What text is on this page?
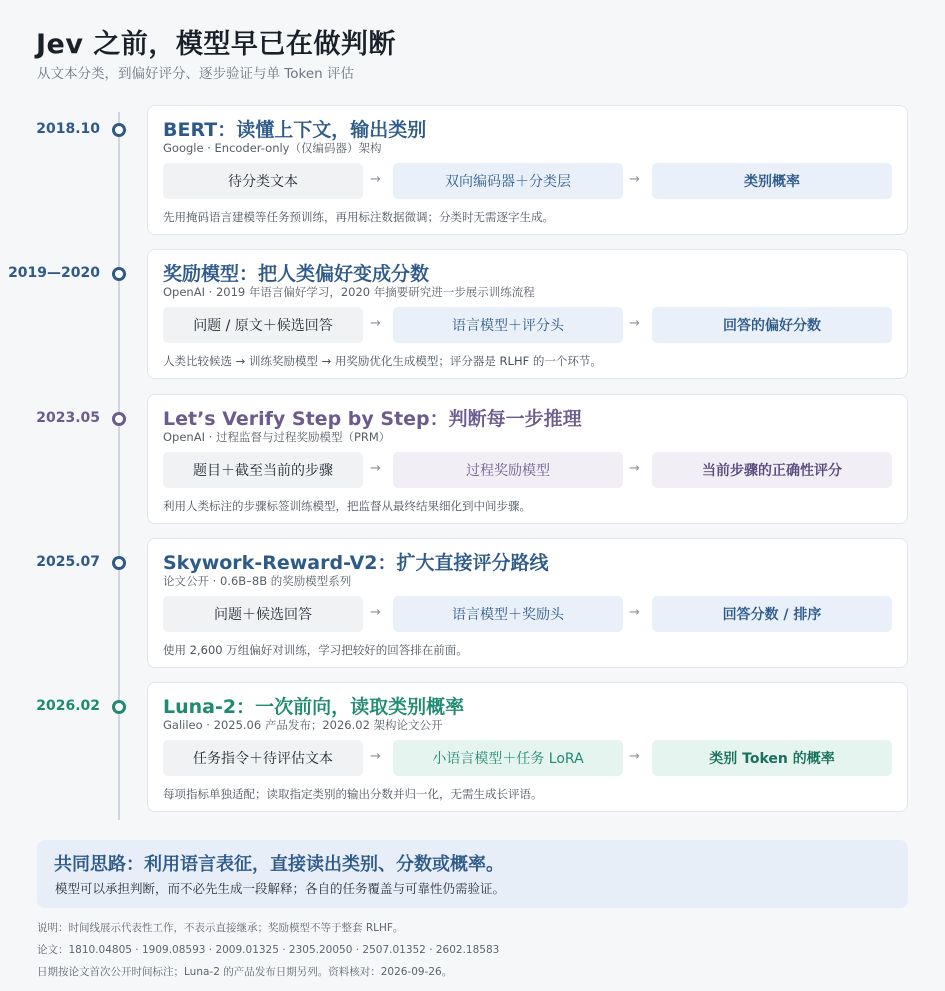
Jev 之前，模型早已在做判断
从文本分类，到偏好评分、逐步验证与单 Token 评估
2018.10	BERT：读懂上下文，输出类别
Google · Encoder-only（仅编码器）架构
待分类文本	→	双向编码器＋分类层	→	类别概率
先用掩码语言建模等任务预训练，再用标注数据微调；分类时无需逐字生成。
2019—2020	奖励模型：把人类偏好变成分数
OpenAI · 2019 年语言偏好学习，2020 年摘要研究进一步展示训练流程
问题 / 原文＋候选回答	→	语言模型＋评分头	→	回答的偏好分数
人类比较候选 → 训练奖励模型 → 用奖励优化生成模型；评分器是 RLHF 的一个环节。
2023.05	Let’s Verify Step by Step：判断每一步推理
OpenAI · 过程监督与过程奖励模型（PRM）
题目＋截至当前的步骤	→	过程奖励模型	→	当前步骤的正确性评分
利用人类标注的步骤标签训练模型，把监督从最终结果细化到中间步骤。
2025.07	Skywork-Reward-V2：扩大直接评分路线
论文公开 · 0.6B–8B 的奖励模型系列
问题＋候选回答	→	语言模型＋奖励头	→	回答分数 / 排序
使用 2,600 万组偏好对训练，学习把较好的回答排在前面。
2026.02	Luna-2：一次前向，读取类别概率
Galileo · 2025.06 产品发布；2026.02 架构论文公开
任务指令＋待评估文本	→	小语言模型＋任务 LoRA	→	类别 Token 的概率
每项指标单独适配；读取指定类别的输出分数并归一化，无需生成长评语。
共同思路：利用语言表征，直接读出类别、分数或概率。
模型可以承担判断，而不必先生成一段解释；各自的任务覆盖与可靠性仍需验证。
说明：时间线展示代表性工作，不表示直接继承；奖励模型不等于整套 RLHF。
论文：1810.04805 · 1909.08593 · 2009.01325 · 2305.20050 · 2507.01352 · 2602.18583
日期按论文首次公开时间标注；Luna-2 的产品发布日期另列。资料核对：2026-09-26。
